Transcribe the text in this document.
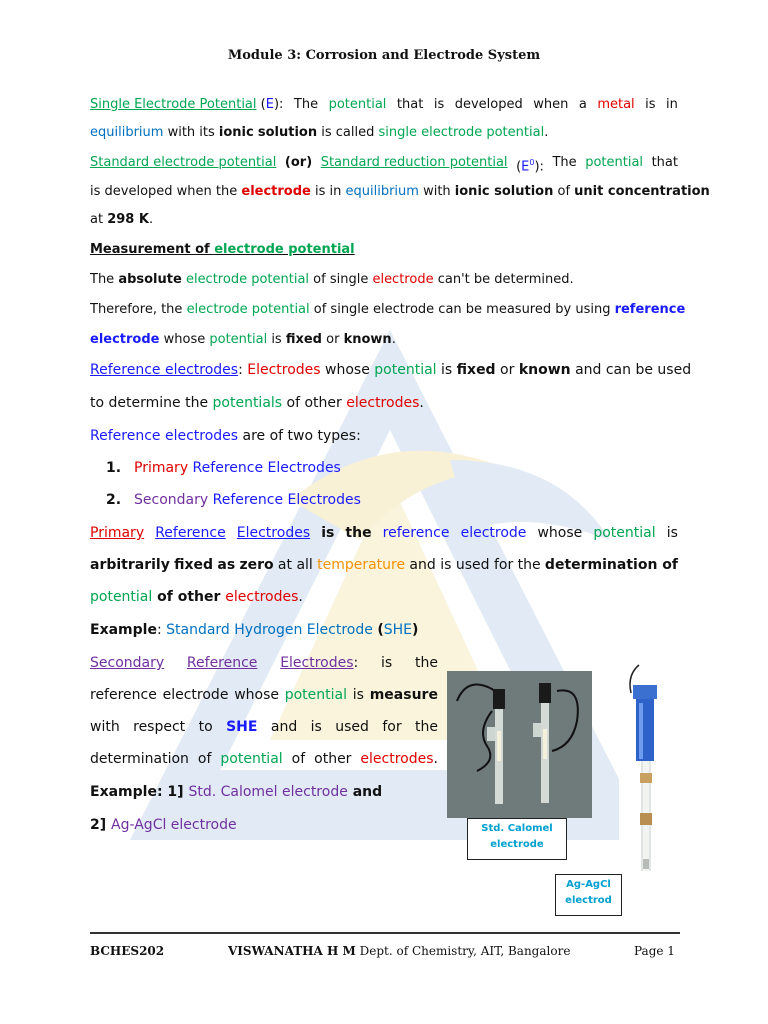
Module 3: Corrosion and Electrode System
Single Electrode Potential (E): The potential that is developed when a metal is in
equilibrium with its ionic solution is called single electrode potential.
Standard electrode potential (or) Standard reduction potential $(E^0)$: The potential that
is developed when the electrode is in equilibrium with ionic solution of unit concentration
at 298 K.
Measurement of electrode potential
The absolute electrode potential of single electrode can't be determined.
Therefore, the electrode potential of single electrode can be measured by using reference
electrode whose potential is fixed or known.
Reference electrodes: Electrodes whose potential is fixed or known and can be used
to determine the potentials of other electrodes.
Reference electrodes are of two types:
1. Primary Reference Electrodes
2. Secondary Reference Electrodes
Primary Reference Electrodes is the reference electrode whose potential is
arbitrarily fixed as zero at all temperature and is used for the determination of
potential of other electrodes.
Example: Standard Hydrogen Electrode (SHE)
Secondary Reference Electrodes: is the
reference electrode whose potential is measure
with respect to SHE and is used for the
determination of potential of other electrodes.
Example: 1] Std. Calomel electrode and
2] Ag-AgCl electrode	Std. Calomel
electrode
Ag-AgCl
electrod
BCHES202	VISWANATHA H M Dept. of Chemistry, AIT, Bangalore	Page 1
